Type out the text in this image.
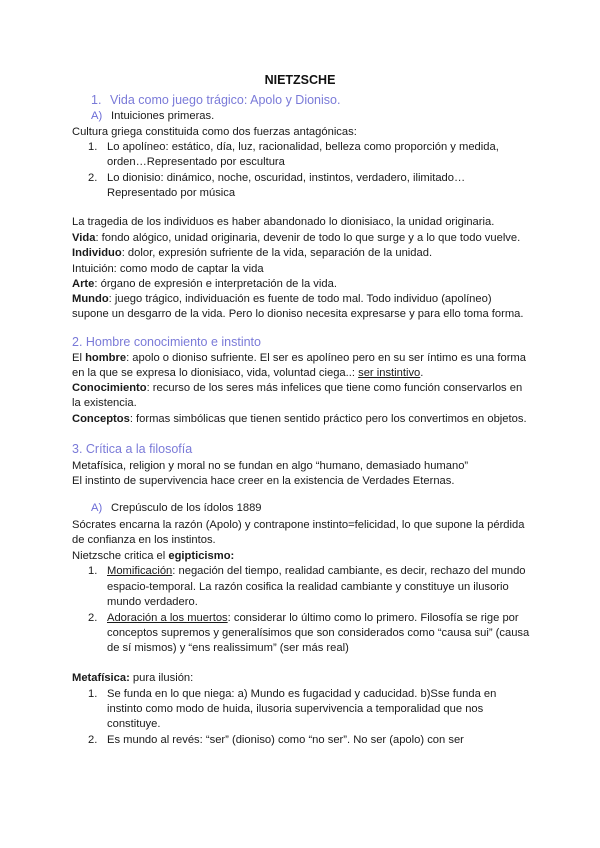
NIETZSCHE
1. Vida como juego trágico: Apolo y Dioniso.
A) Intuiciones primeras.
Cultura griega constituida como dos fuerzas antagónicas:
1. Lo apolíneo: estático, día, luz, racionalidad, belleza como proporción y medida,
orden…Representado por escultura
2. Lo dionisio: dinámico, noche, oscuridad, instintos, verdadero, ilimitado…
Representado por música
La tragedia de los individuos es haber abandonado lo dionisiaco, la unidad originaria.
Vida: fondo alógico, unidad originaria, devenir de todo lo que surge y a lo que todo vuelve.
Individuo: dolor, expresión sufriente de la vida, separación de la unidad.
Intuición: como modo de captar la vida
Arte: órgano de expresión e interpretación de la vida.
Mundo: juego trágico, individuación es fuente de todo mal. Todo individuo (apolíneo)
supone un desgarro de la vida. Pero lo dioniso necesita expresarse y para ello toma forma.
2. Hombre conocimiento e instinto
El hombre: apolo o dioniso sufriente. El ser es apolíneo pero en su ser íntimo es una forma
en la que se expresa lo dionisiaco, vida, voluntad ciega..: ser instintivo.
Conocimiento: recurso de los seres más infelices que tiene como función conservarlos en
la existencia.
Conceptos: formas simbólicas que tienen sentido práctico pero los convertimos en objetos.
3. Crítica a la filosofía
Metafísica, religion y moral no se fundan en algo “humano, demasiado humano”
El instinto de supervivencia hace creer en la existencia de Verdades Eternas.
A) Crepúsculo de los ídolos 1889
Sócrates encarna la razón (Apolo) y contrapone instinto=felicidad, lo que supone la pérdida
de confianza en los instintos.
Nietzsche critica el egipticismo:
1. Momificación: negación del tiempo, realidad cambiante, es decir, rechazo del mundo
espacio-temporal. La razón cosifica la realidad cambiante y constituye un ilusorio
mundo verdadero.
2. Adoración a los muertos: considerar lo último como lo primero. Filosofía se rige por
conceptos supremos y generalísimos que son considerados como “causa sui” (causa
de sí mismos) y “ens realissimum” (ser más real)
Metafísica: pura ilusión:
1. Se funda en lo que niega: a) Mundo es fugacidad y caducidad. b)Sse funda en
instinto como modo de huida, ilusoria supervivencia a temporalidad que nos
constituye.
2. Es mundo al revés: “ser” (dioniso) como “no ser”. No ser (apolo) con ser
